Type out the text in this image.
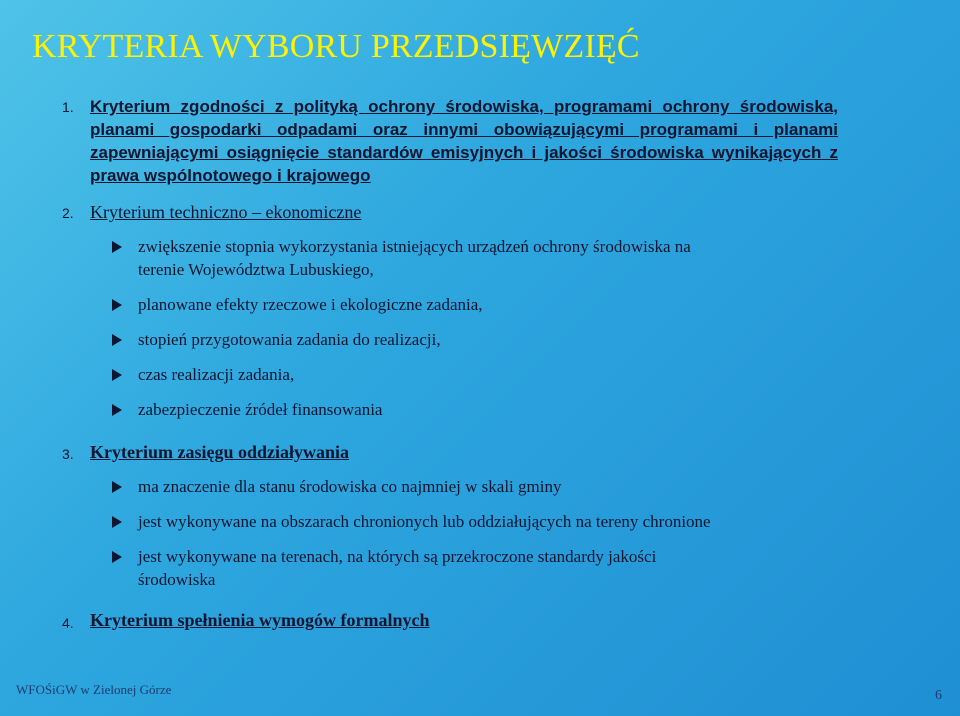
KRYTERIA WYBORU PRZEDSIĘWZIĘĆ
1. Kryterium zgodności z polityką ochrony środowiska, programami ochrony środowiska, planami gospodarki odpadami oraz innymi obowiązującymi programami i planami zapewniającymi osiągnięcie standardów emisyjnych i jakości środowiska wynikających z prawa wspólnotowego i krajowego
2. Kryterium techniczno – ekonomiczne
zwiększenie stopnia wykorzystania istniejących urządzeń ochrony środowiska na
terenie Województwa Lubuskiego,
planowane efekty rzeczowe i ekologiczne zadania,
stopień przygotowania zadania do realizacji,
czas realizacji zadania,
zabezpieczenie źródeł finansowania
3. Kryterium zasięgu oddziaływania
ma znaczenie dla stanu środowiska co najmniej w skali gminy
jest wykonywane na obszarach chronionych lub oddziałujących na tereny chronione
jest wykonywane na terenach, na których są przekroczone standardy jakości
środowiska
4. Kryterium spełnienia wymogów formalnych
WFOŚiGW w Zielonej Górze	6
